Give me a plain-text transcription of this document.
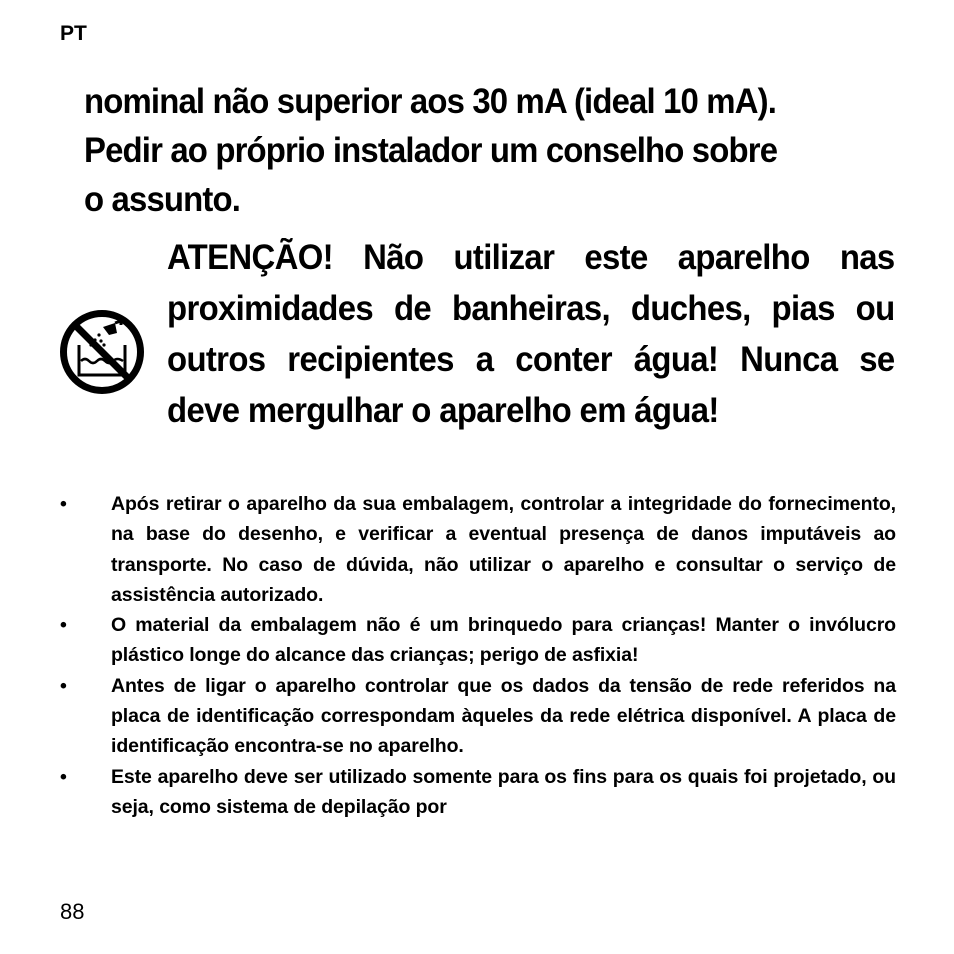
PT

nominal não superior aos 30 mA (ideal 10 mA).

Pedir ao próprio instalador um conselho sobre

o assunto.

ATENÇÃO! Não utilizar este aparelho nas proximidades de banheiras, duches, pias ou outros recipientes a conter água! Nunca se deve mergulhar o aparelho em água!

•	Após retirar o aparelho da sua embalagem, controlar a integridade do fornecimento, na base do desenho, e verificar a eventual presença de danos imputáveis ao transporte. No caso de dúvida, não utilizar o aparelho e consultar o serviço de assistência autorizado.
•	O material da embalagem não é um brinquedo para crianças! Manter o invólucro plástico longe do alcance das crianças; perigo de asfixia!
•	Antes de ligar o aparelho controlar que os dados da tensão de rede referidos na placa de identificação correspondam àqueles da rede elétrica disponível. A placa de identificação encontra-se no aparelho.
•	Este aparelho deve ser utilizado somente para os fins para os quais foi projetado, ou seja, como sistema de depilação por
88
